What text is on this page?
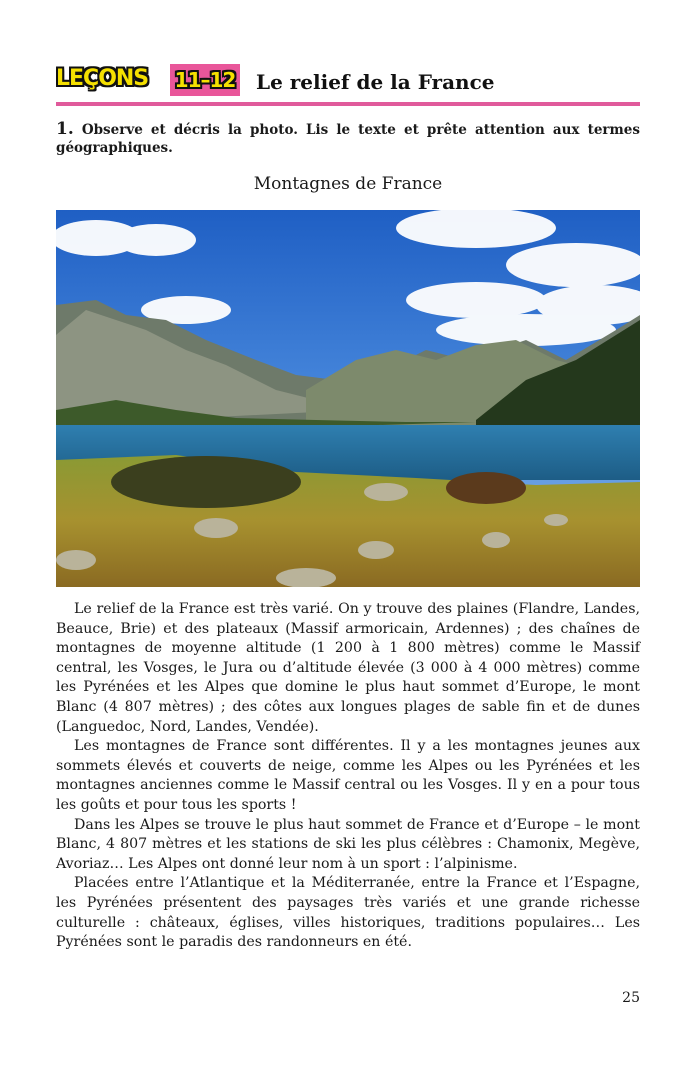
LEÇONS 11–12 Le relief de la France
1. Observe et décris la photo. Lis le texte et prête attention aux termes géographiques.
Montagnes de France

Le relief de la France est très varié. On y trouve des plaines (Flandre, Landes, Beauce, Brie) et des plateaux (Massif armoricain, Ardennes) ; des chaînes de montagnes de moyenne altitude (1 200 à 1 800 mètres) comme le Massif central, les Vosges, le Jura ou d’altitude élevée (3 000 à 4 000 mètres) comme les Pyrénées et les Alpes que domine le plus haut sommet d’Europe, le mont Blanc (4 807 mètres) ; des côtes aux longues plages de sable fin et de dunes (Languedoc, Nord, Landes, Vendée).

Les montagnes de France sont différentes. Il y a les montagnes jeunes aux sommets élevés et couverts de neige, comme les Alpes ou les Pyrénées et les montagnes anciennes comme le Massif central ou les Vosges. Il y en a pour tous les goûts et pour tous les sports !

Dans les Alpes se trouve le plus haut sommet de France et d’Europe – le mont Blanc, 4 807 mètres et les stations de ski les plus célèbres : Chamonix, Megève, Avoriaz… Les Alpes ont donné leur nom à un sport : l’alpinisme.

Placées entre l’Atlantique et la Méditerranée, entre la France et l’Espagne, les Pyrénées présentent des paysages très variés et une grande richesse culturelle : châteaux, églises, villes historiques, traditions populaires… Les Pyrénées sont le paradis des randonneurs en été.

25
